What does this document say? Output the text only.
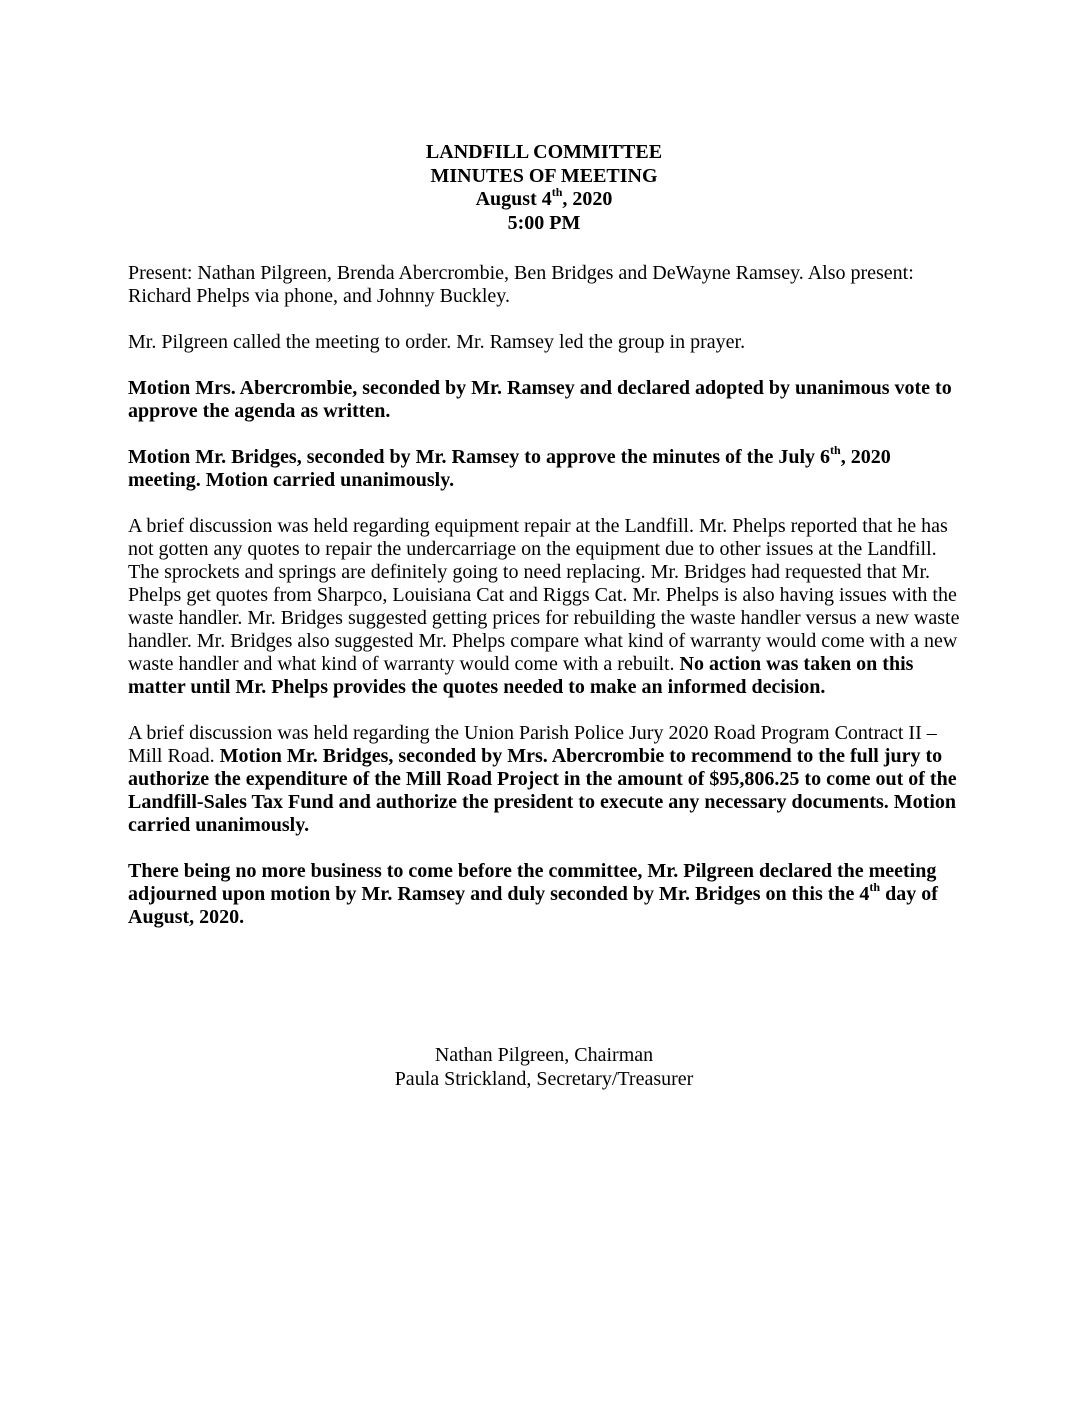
LANDFILL COMMITTEE
MINUTES OF MEETING
August 4th, 2020
5:00 PM

Present: Nathan Pilgreen, Brenda Abercrombie, Ben Bridges and DeWayne Ramsey. Also present: Richard Phelps via phone, and Johnny Buckley.

Mr. Pilgreen called the meeting to order. Mr. Ramsey led the group in prayer.

Motion Mrs. Abercrombie, seconded by Mr. Ramsey and declared adopted by unanimous vote to approve the agenda as written.

Motion Mr. Bridges, seconded by Mr. Ramsey to approve the minutes of the July 6th, 2020 meeting. Motion carried unanimously.

A brief discussion was held regarding equipment repair at the Landfill. Mr. Phelps reported that he has not gotten any quotes to repair the undercarriage on the equipment due to other issues at the Landfill. The sprockets and springs are definitely going to need replacing. Mr. Bridges had requested that Mr. Phelps get quotes from Sharpco, Louisiana Cat and Riggs Cat. Mr. Phelps is also having issues with the waste handler. Mr. Bridges suggested getting prices for rebuilding the waste handler versus a new waste handler. Mr. Bridges also suggested Mr. Phelps compare what kind of warranty would come with a new waste handler and what kind of warranty would come with a rebuilt. No action was taken on this matter until Mr. Phelps provides the quotes needed to make an informed decision.

A brief discussion was held regarding the Union Parish Police Jury 2020 Road Program Contract II – Mill Road. Motion Mr. Bridges, seconded by Mrs. Abercrombie to recommend to the full jury to authorize the expenditure of the Mill Road Project in the amount of $95,806.25 to come out of the Landfill-Sales Tax Fund and authorize the president to execute any necessary documents. Motion carried unanimously.

There being no more business to come before the committee, Mr. Pilgreen declared the meeting adjourned upon motion by Mr. Ramsey and duly seconded by Mr. Bridges on this the 4th day of August, 2020.

Nathan Pilgreen, Chairman
Paula Strickland, Secretary/Treasurer
